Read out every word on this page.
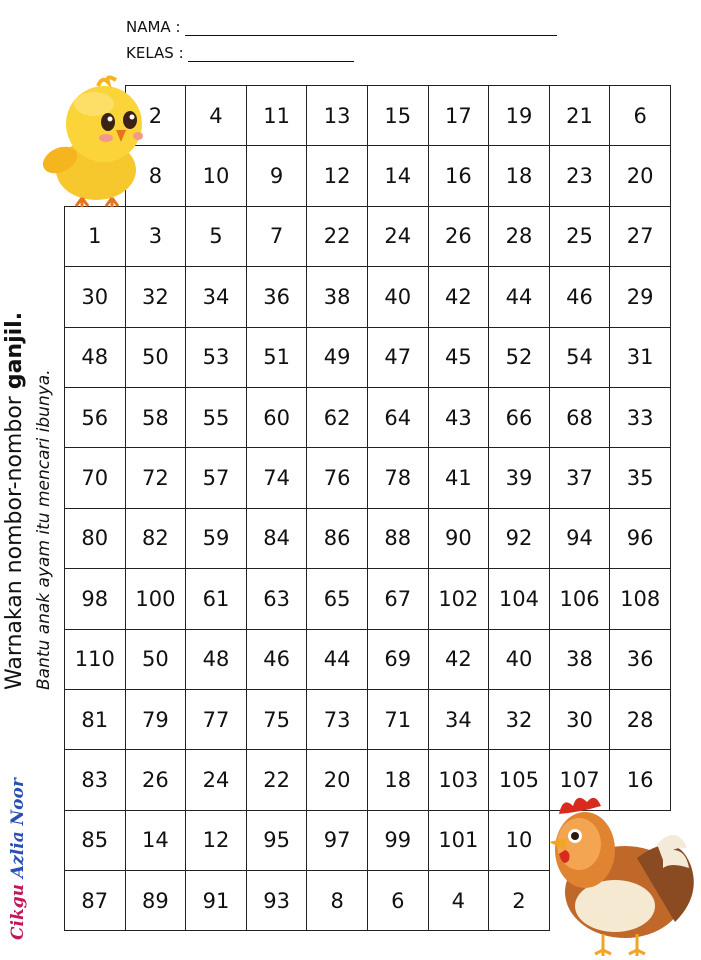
NAMA :
KELAS :
	2	4	11	13	15	17	19	21	6
	8	10	9	12	14	16	18	23	20
1	3	5	7	22	24	26	28	25	27
30	32	34	36	38	40	42	44	46	29
48	50	53	51	49	47	45	52	54	31
56	58	55	60	62	64	43	66	68	33
70	72	57	74	76	78	41	39	37	35
80	82	59	84	86	88	90	92	94	96
98	100	61	63	65	67	102	104	106	108
110	50	48	46	44	69	42	40	38	36
81	79	77	75	73	71	34	32	30	28
83	26	24	22	20	18	103	105	107	16
85	14	12	95	97	99	101	10		
87	89	91	93	8	6	4	2		
Warnakan nombor-nombor ganjil.
Bantu anak ayam itu mencari ibunya.
Cikgu Azlia Noor
